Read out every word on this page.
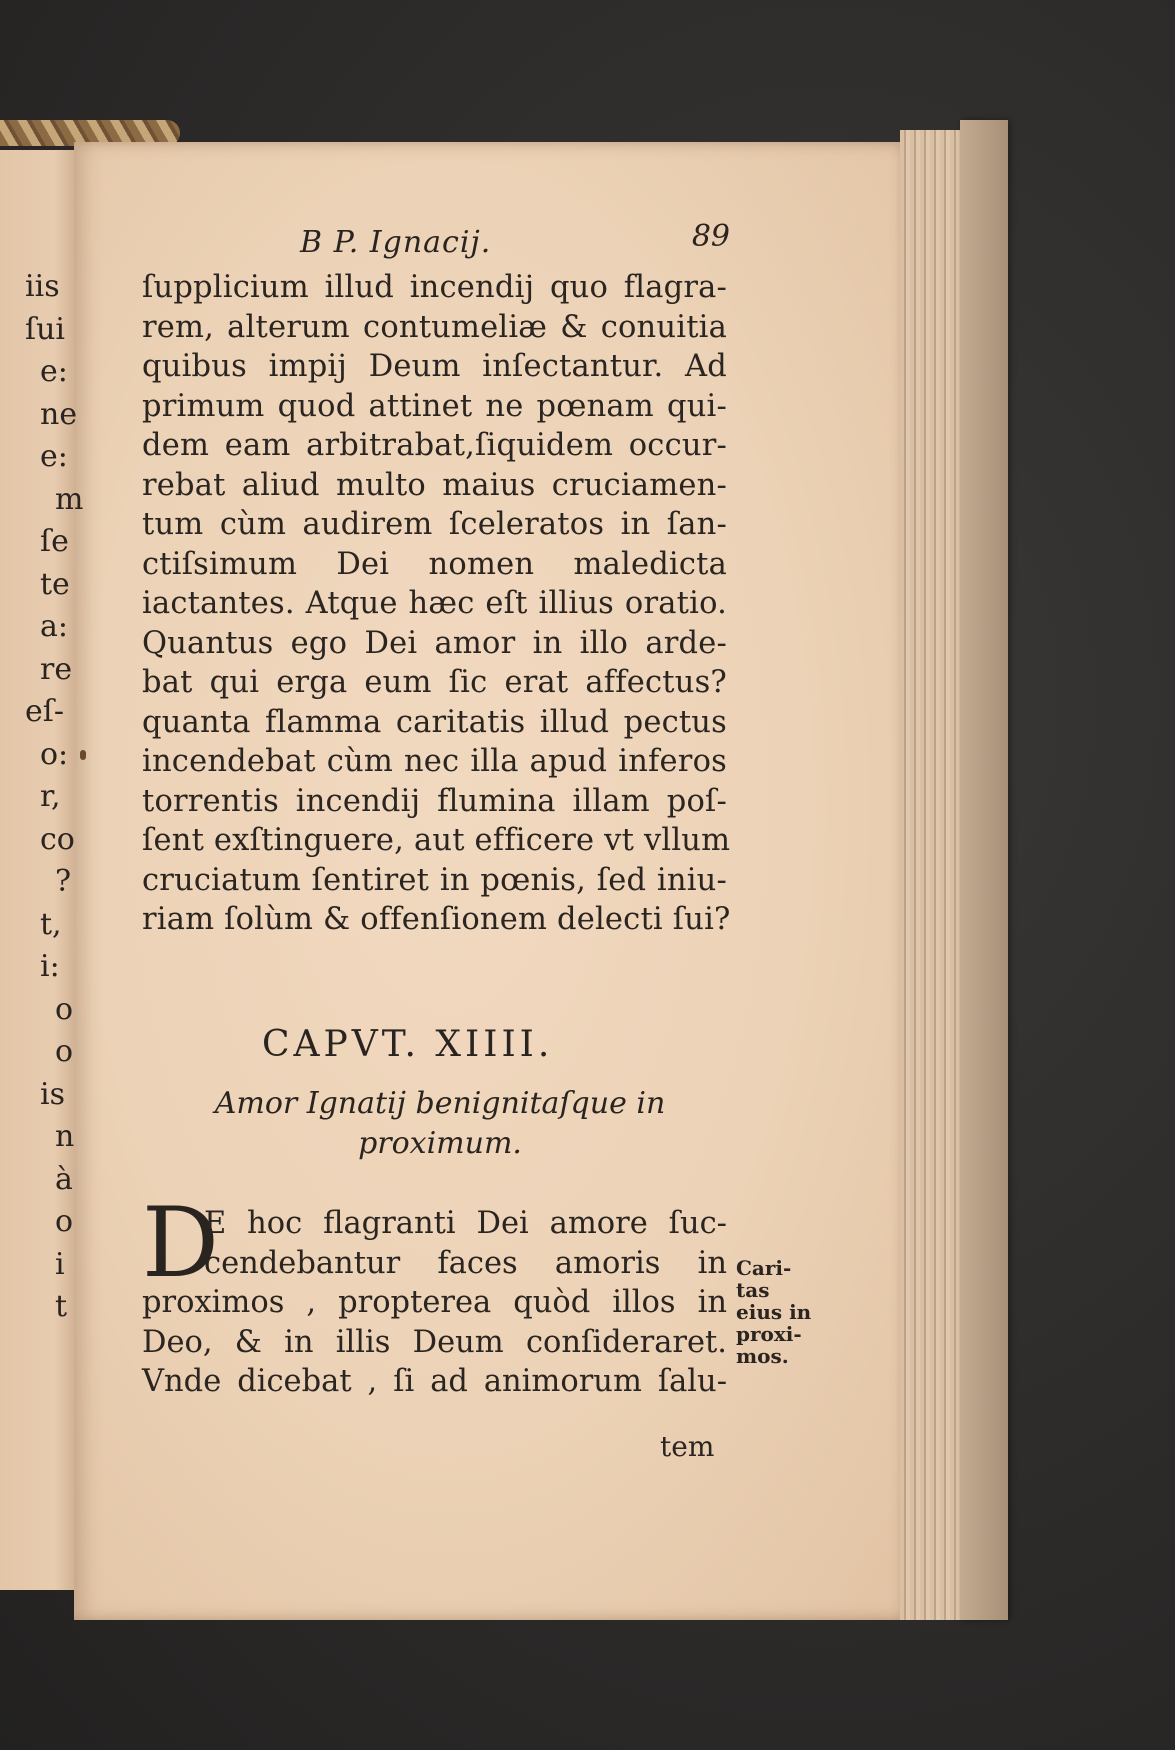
iis
ſui
e:
ne
e:
m
ſe
te
a:
re
eſ-
o:
r,
co
?
t,
i:
o
o
is
n
à
o
i
t
B P. Ignacij.	89
ſupplicium illud incendij quo flagra-
rem, alterum contumeliæ & conuitia
quibus impij Deum inſectantur. Ad
primum quod attinet ne pœnam qui-
dem eam arbitrabat,ſiquidem occur-
rebat aliud multo maius cruciamen-
tum cùm audirem ſceleratos in ſan-
ctiſsimum Dei nomen maledicta
iactantes. Atque hæc eſt illius oratio.
Quantus ego Dei amor in illo arde-
bat qui erga eum ſic erat affectus?
quanta flamma caritatis illud pectus
incendebat cùm nec illa apud inferos
torrentis incendij flumina illam poſ-
ſent exſtinguere, aut efficere vt vllum
cruciatum ſentiret in pœnis, ſed iniu-
riam ſolùm & offenſionem delecti ſui?
CAPVT. XIIII.
Amor Ignatij benignitaſque in
proximum.
D
E hoc flagranti Dei amore ſuc-
cendebantur faces amoris in
proximos , propterea quòd illos in
Deo, & in illis Deum conſideraret.
Vnde dicebat , ſi ad animorum ſalu-
Cari-
tas
eius in
proxi-
mos.
tem
